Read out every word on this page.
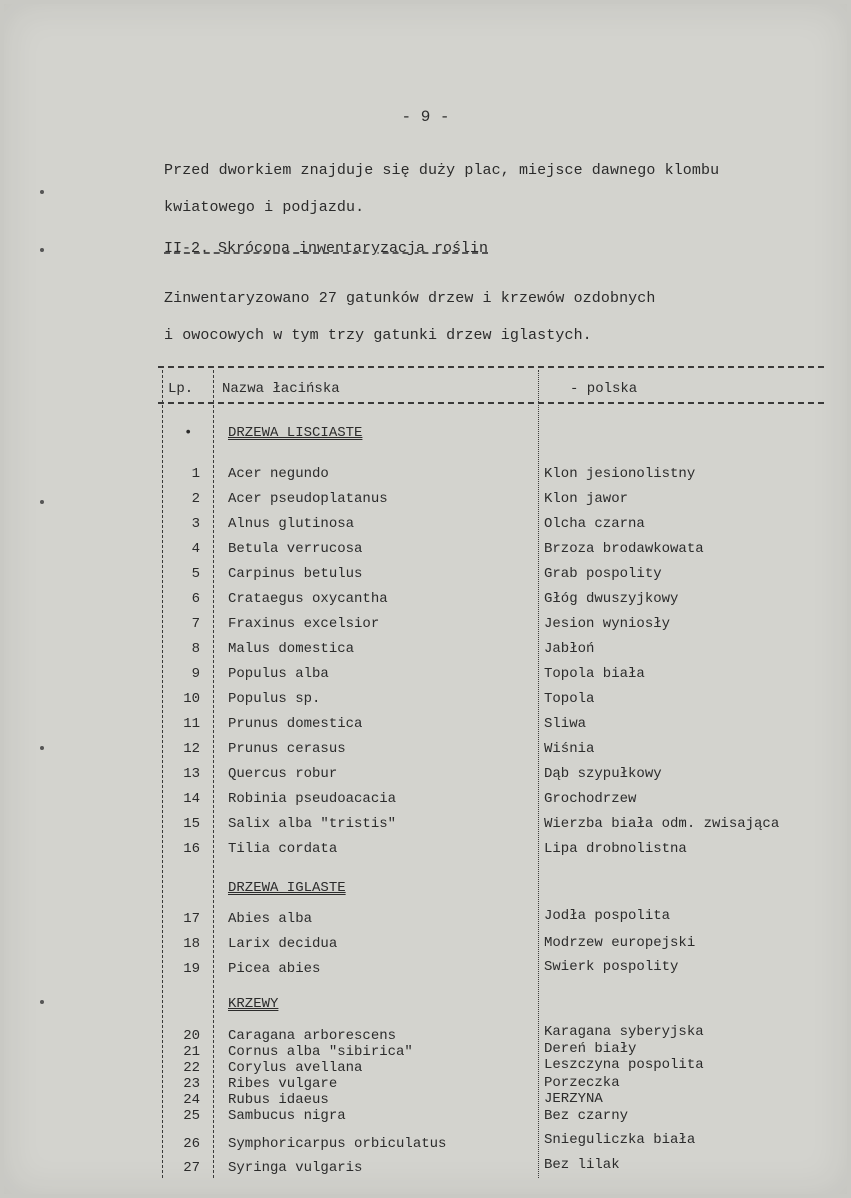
- 9 -
Przed dworkiem znajduje się duży plac, miejsce dawnego klombu
kwiatowego i podjazdu.
II-2. Skrócona inwentaryzacja roślin
Zinwentaryzowano 27 gatunków drzew i krzewów ozdobnych
i owocowych w tym trzy gatunki drzew iglastych.
Lp. Nazwa łacińska	- polska
•	DRZEWA LISCIASTE
1 Acer negundo	Klon jesionolistny
2 Acer pseudoplatanus	Klon jawor
3 Alnus glutinosa	Olcha czarna
4 Betula verrucosa	Brzoza brodawkowata
5 Carpinus betulus	Grab pospolity
6 Crataegus oxycantha	Głóg dwuszyjkowy
7 Fraxinus excelsior	Jesion wyniosły
8 Malus domestica	Jabłoń
9 Populus alba	Topola biała
10 Populus sp.	Topola
11 Prunus domestica	Sliwa
12 Prunus cerasus	Wiśnia
13 Quercus robur	Dąb szypułkowy
14 Robinia pseudoacacia	Grochodrzew
15 Salix alba "tristis"	Wierzba biała odm. zwisająca
16 Tilia cordata	Lipa drobnolistna
DRZEWA IGLASTE
17 Abies alba	Jodła pospolita
18 Larix decidua	Modrzew europejski
19 Picea abies	Swierk pospolity
KRZEWY
20 Caragana arborescens	Karagana syberyjska
21 Cornus alba "sibirica"	Dereń biały
22 Corylus avellana	Leszczyna pospolita
23 Ribes vulgare	Porzeczka
24 Rubus idaeus	JERZYNA
25 Sambucus nigra	Bez czarny
26 Symphoricarpus orbiculatus	Snieguliczka biała
27 Syringa vulgaris	Bez lilak
